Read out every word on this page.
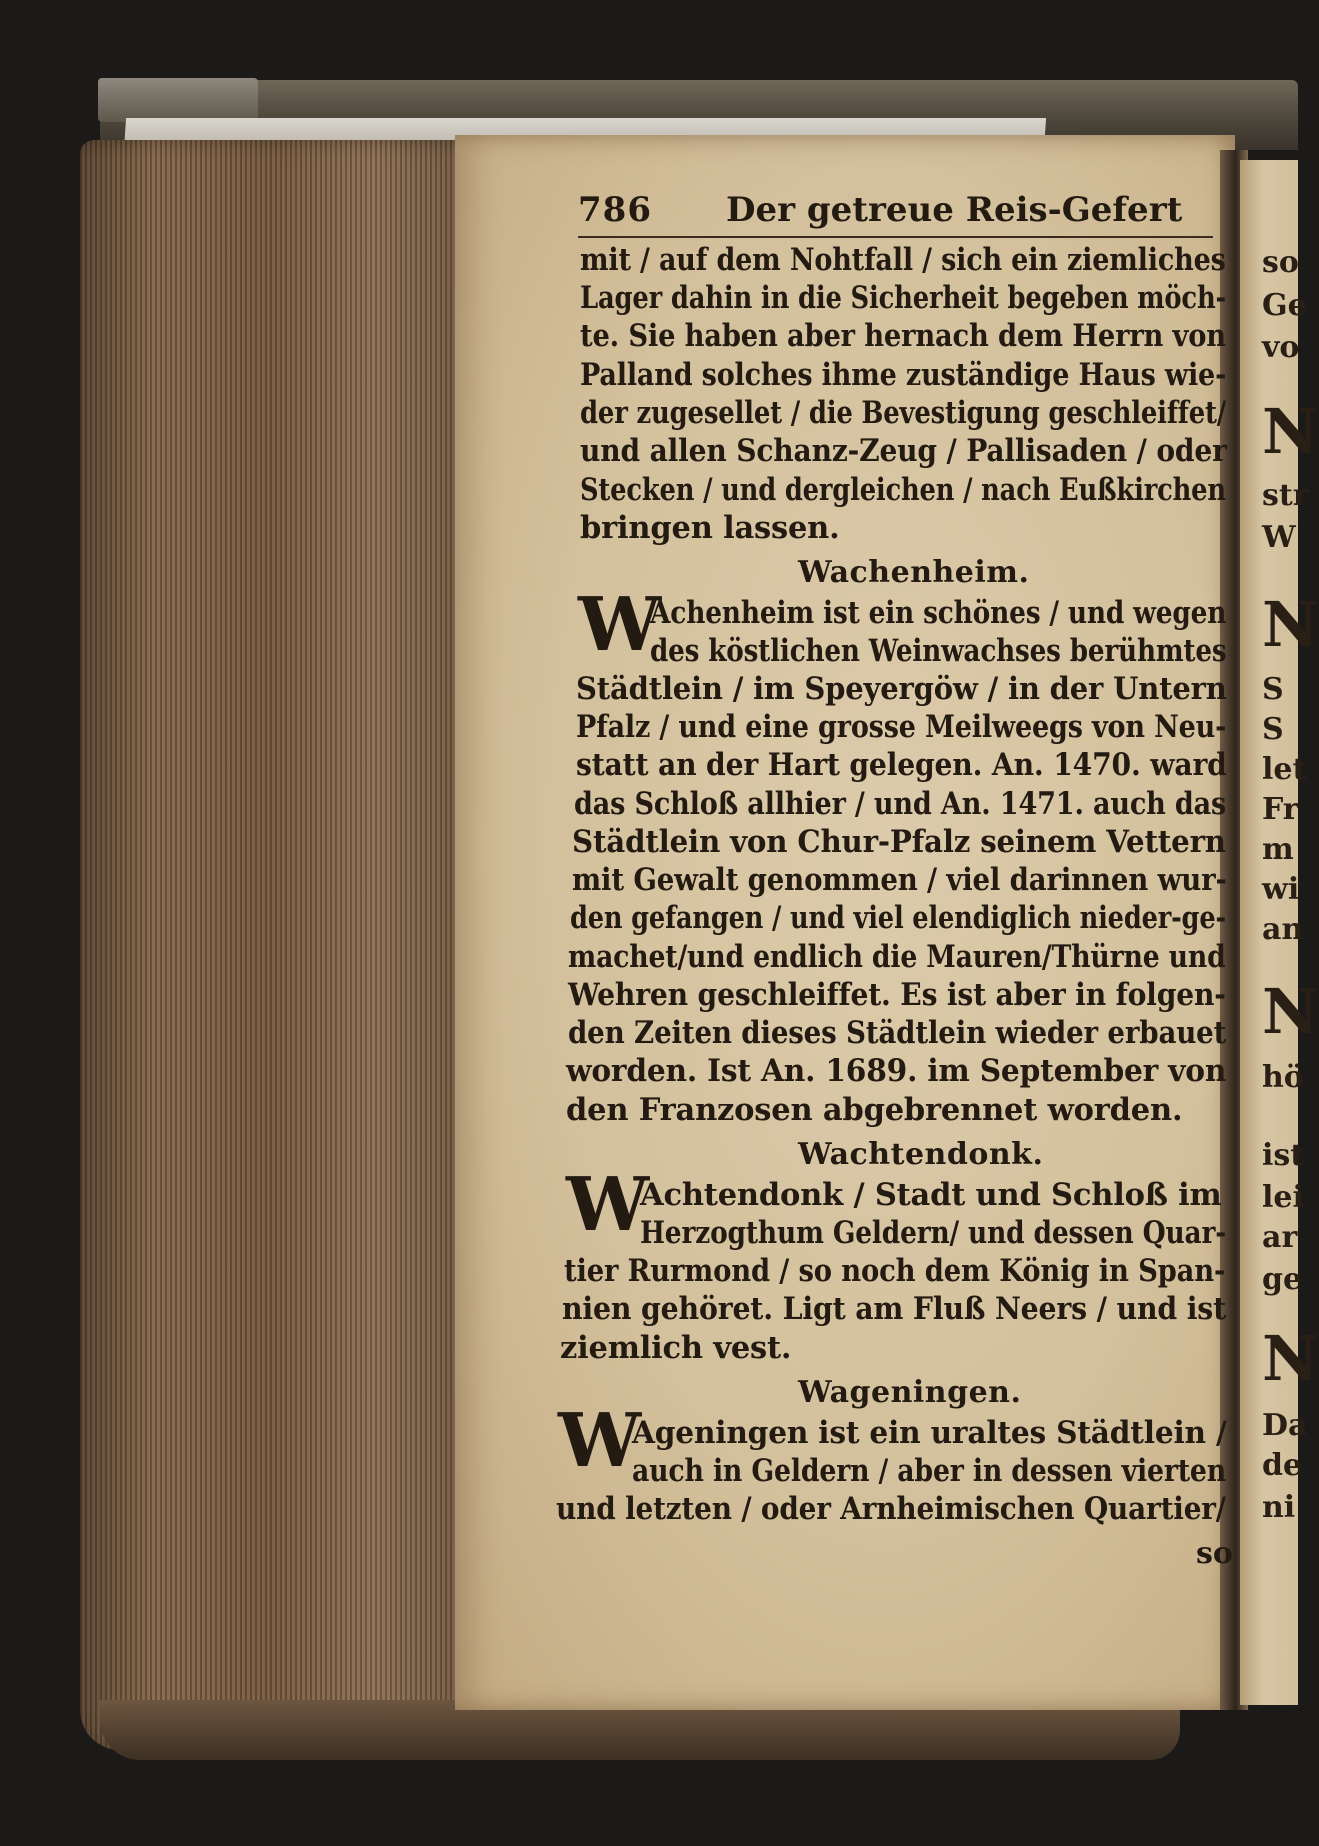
786 Der getreue Reis-Gefert
mit / auf dem Nohtfall / sich ein ziemliches
Lager dahin in die Sicherheit begeben möch-
te. Sie haben aber hernach dem Herrn von
Palland solches ihme zuständige Haus wie-
der zugesellet / die Bevestigung geschleiffet/
und allen Schanz-Zeug / Pallisaden / oder
Stecken / und dergleichen / nach Eußkirchen
bringen lassen.
Wachenheim.
W
Achenheim ist ein schönes / und wegen
des köstlichen Weinwachses berühmtes
Städtlein / im Speyergöw / in der Untern
Pfalz / und eine grosse Meilweegs von Neu-
statt an der Hart gelegen. An. 1470. ward
das Schloß allhier / und An. 1471. auch das
Städtlein von Chur-Pfalz seinem Vettern
mit Gewalt genommen / viel darinnen wur-
den gefangen / und viel elendiglich nieder-ge-
machet/und endlich die Mauren/Thürne und
Wehren geschleiffet. Es ist aber in folgen-
den Zeiten dieses Städtlein wieder erbauet
worden. Ist An. 1689. im September von
den Franzosen abgebrennet worden.
Wachtendonk.
W
Achtendonk / Stadt und Schloß im
Herzogthum Geldern/ und dessen Quar-
tier Rurmond / so noch dem König in Span-
nien gehöret. Ligt am Fluß Neers / und ist
ziemlich vest.
Wageningen.
W
Ageningen ist ein uraltes Städtlein /
auch in Geldern / aber in dessen vierten
und letzten / oder Arnheimischen Quartier/
so
so
Ge
vo
N
str
W
N
S
S
let
Fr
m
wi
an
N
hö
ist
lei
ar
ge
N
Da
de
ni
